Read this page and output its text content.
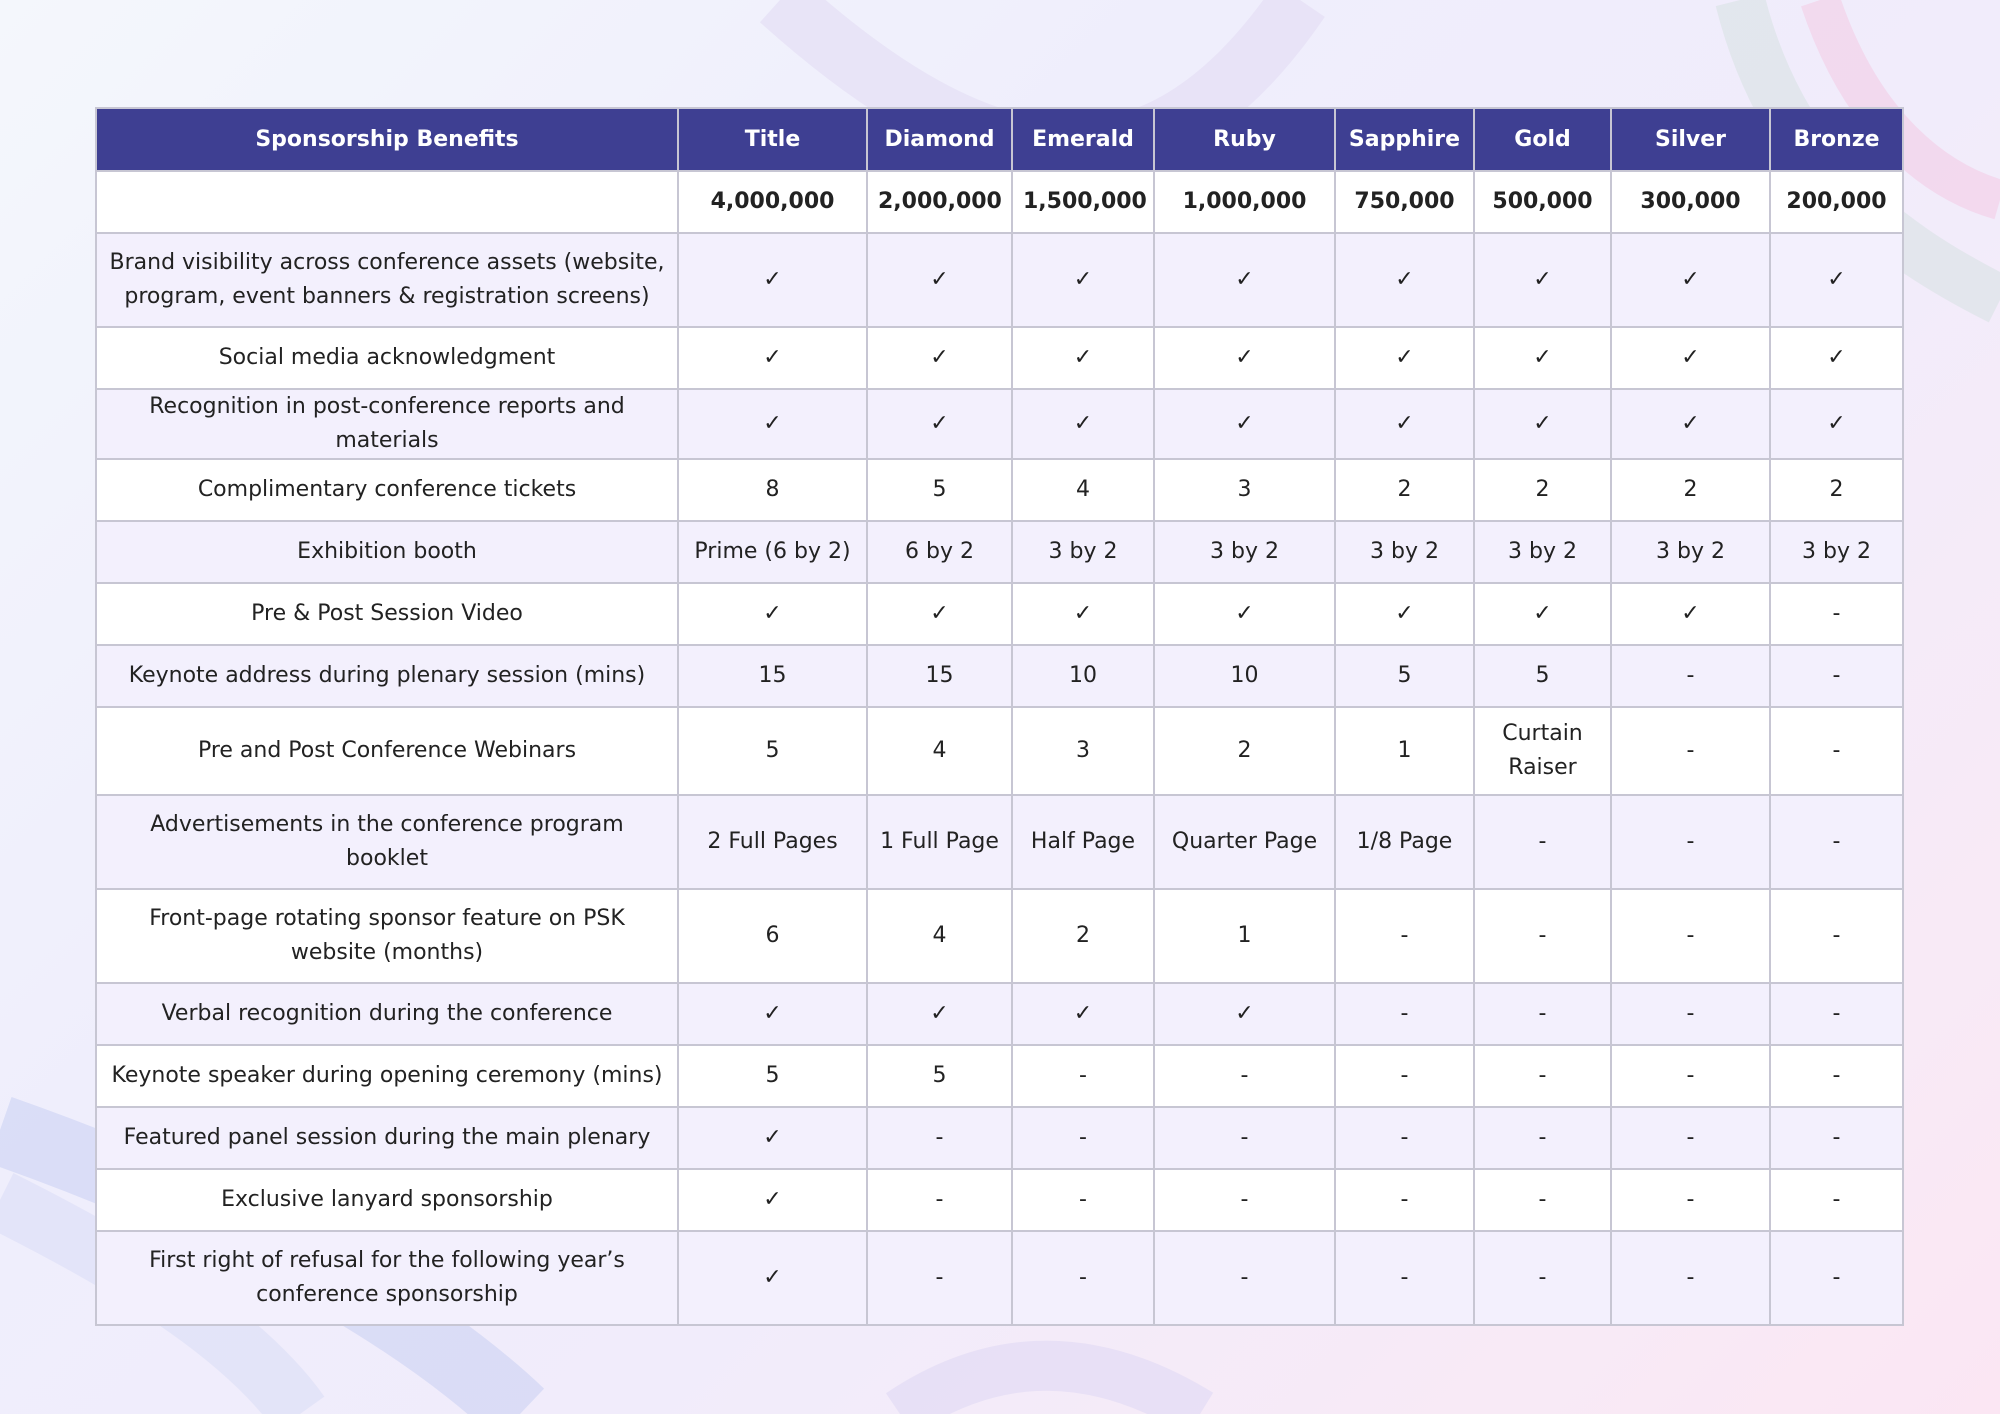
Sponsorship Benefits	Title	Diamond	Emerald	Ruby	Sapphire	Gold	Silver	Bronze
	4,000,000	2,000,000	1,500,000	1,000,000	750,000	500,000	300,000	200,000
Brand visibility across conference assets (website, program, event banners & registration screens)	✓	✓	✓	✓	✓	✓	✓	✓
Social media acknowledgment	✓	✓	✓	✓	✓	✓	✓	✓
Recognition in post-conference reports and materials	✓	✓	✓	✓	✓	✓	✓	✓
Complimentary conference tickets	8	5	4	3	2	2	2	2
Exhibition booth	Prime (6 by 2)	6 by 2	3 by 2	3 by 2	3 by 2	3 by 2	3 by 2	3 by 2
Pre & Post Session Video	✓	✓	✓	✓	✓	✓	✓	-
Keynote address during plenary session (mins)	15	15	10	10	5	5	-	-
Pre and Post Conference Webinars	5	4	3	2	1	Curtain Raiser	-	-
Advertisements in the conference program booklet	2 Full Pages	1 Full Page	Half Page	Quarter Page	1/8 Page	-	-	-
Front-page rotating sponsor feature on PSK website (months)	6	4	2	1	-	-	-	-
Verbal recognition during the conference	✓	✓	✓	✓	-	-	-	-
Keynote speaker during opening ceremony (mins)	5	5	-	-	-	-	-	-
Featured panel session during the main plenary	✓	-	-	-	-	-	-	-
Exclusive lanyard sponsorship	✓	-	-	-	-	-	-	-
First right of refusal for the following year’s conference sponsorship	✓	-	-	-	-	-	-	-
